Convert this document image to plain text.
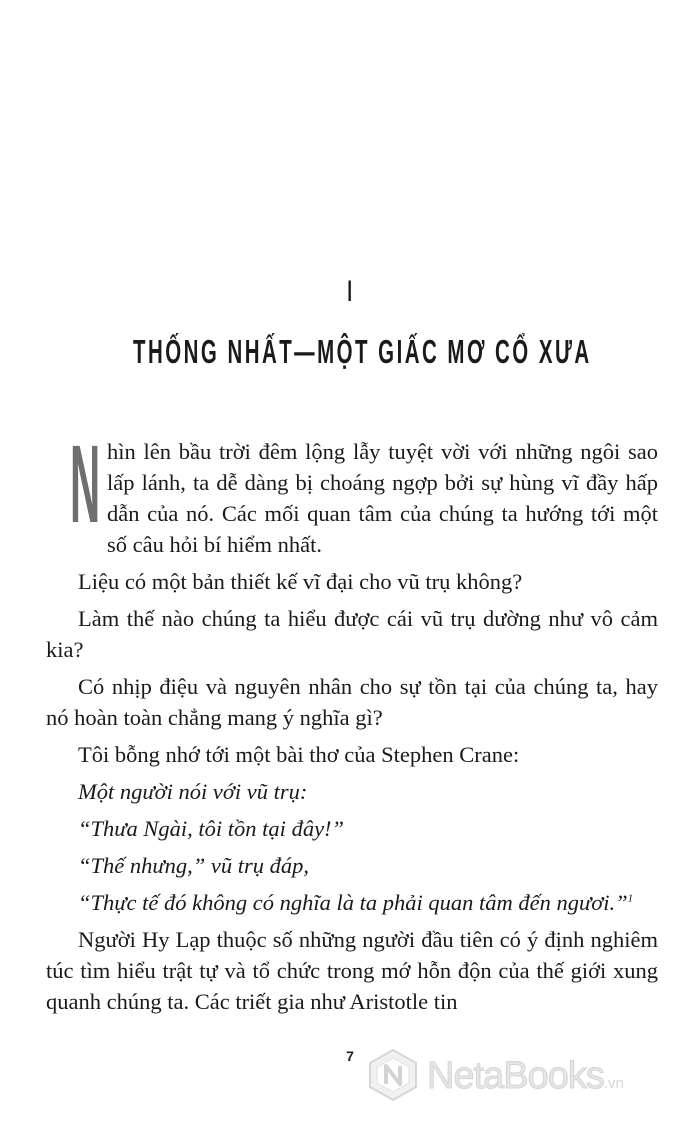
I
THỐNG NHẤT—MỘT GIẤC MƠ CỔ XƯA

N hìn lên bầu trời đêm lộng lẫy tuyệt vời với những ngôi sao lấp lánh, ta dễ dàng bị choáng ngợp bởi sự hùng vĩ đầy hấp dẫn của nó. Các mối quan tâm của chúng ta hướng tới một số câu hỏi bí hiểm nhất.

Liệu có một bản thiết kế vĩ đại cho vũ trụ không?

Làm thế nào chúng ta hiểu được cái vũ trụ dường như vô cảm kia?

Có nhịp điệu và nguyên nhân cho sự tồn tại của chúng ta, hay nó hoàn toàn chẳng mang ý nghĩa gì?

Tôi bỗng nhớ tới một bài thơ của Stephen Crane:

Một người nói với vũ trụ:

“Thưa Ngài, tôi tồn tại đây!”

“Thế nhưng,” vũ trụ đáp,

“Thực tế đó không có nghĩa là ta phải quan tâm đến ngươi.”$^1$

Người Hy Lạp thuộc số những người đầu tiên có ý định nghiêm túc tìm hiểu trật tự và tổ chức trong mớ hỗn độn của thế giới xung quanh chúng ta. Các triết gia như Aristotle tin

7	NetaBooks.vn
